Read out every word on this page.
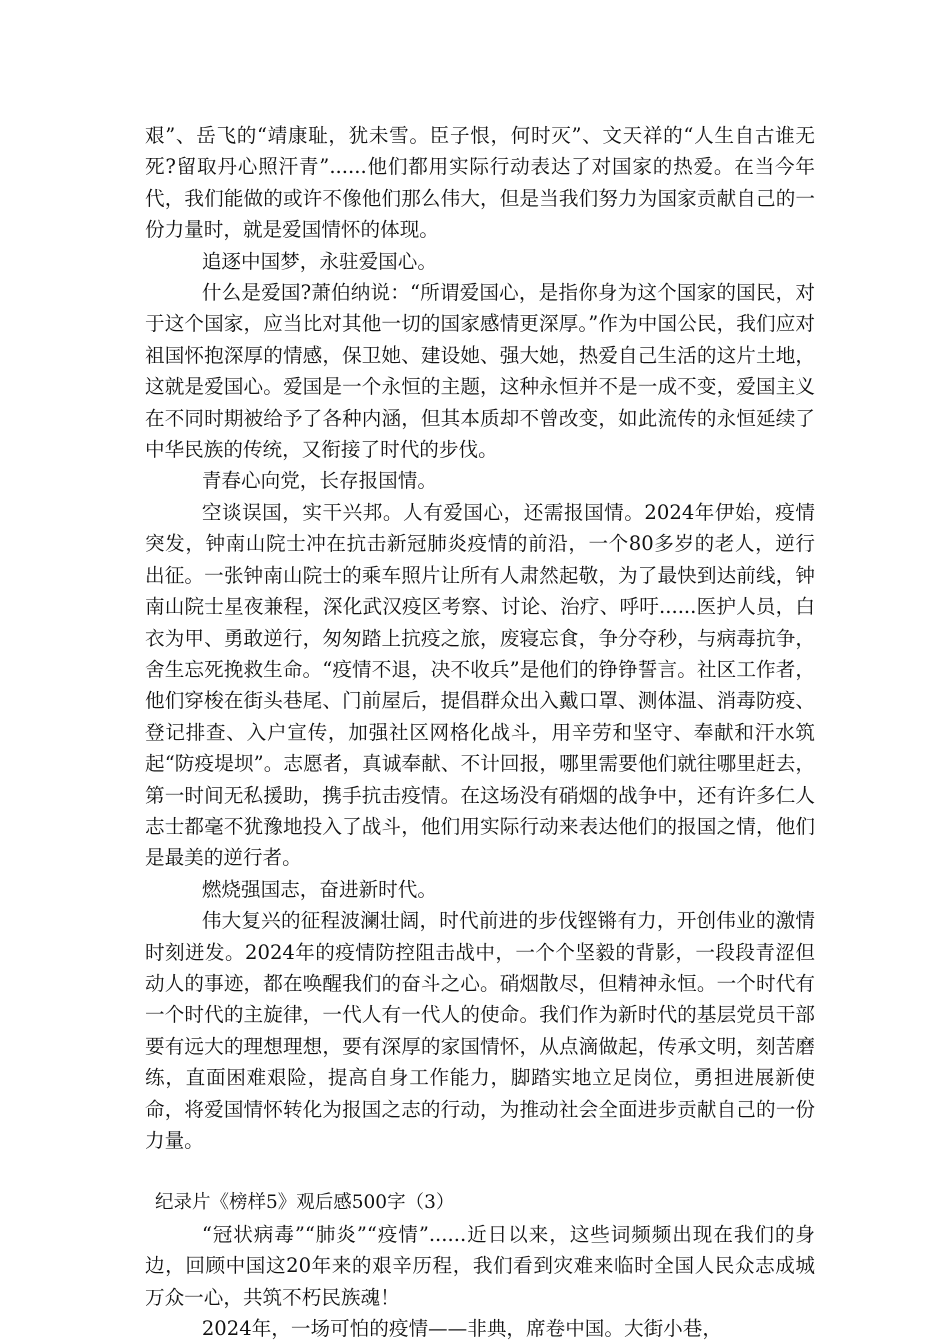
艰”、岳飞的“靖康耻，犹未雪。臣子恨，何时灭”、文天祥的“人生自古谁无死?留取丹心照汗青”......他们都用实际行动表达了对国家的热爱。在当今年代，我们能做的或许不像他们那么伟大，但是当我们努力为国家贡献自己的一份力量时，就是爱国情怀的体现。

追逐中国梦，永驻爱国心。

什么是爱国?萧伯纳说：“所谓爱国心，是指你身为这个国家的国民，对于这个国家，应当比对其他一切的国家感情更深厚。”作为中国公民，我们应对祖国怀抱深厚的情感，保卫她、建设她、强大她，热爱自己生活的这片土地，这就是爱国心。爱国是一个永恒的主题，这种永恒并不是一成不变，爱国主义在不同时期被给予了各种内涵，但其本质却不曾改变，如此流传的永恒延续了中华民族的传统，又衔接了时代的步伐。

青春心向党，长存报国情。

空谈误国，实干兴邦。人有爱国心，还需报国情。2024年伊始，疫情突发，钟南山院士冲在抗击新冠肺炎疫情的前沿，一个80多岁的老人，逆行出征。一张钟南山院士的乘车照片让所有人肃然起敬，为了最快到达前线，钟南山院士星夜兼程，深化武汉疫区考察、讨论、治疗、呼吁......医护人员，白衣为甲、勇敢逆行，匆匆踏上抗疫之旅，废寝忘食，争分夺秒，与病毒抗争，舍生忘死挽救生命。“疫情不退，决不收兵”是他们的铮铮誓言。社区工作者，他们穿梭在街头巷尾、门前屋后，提倡群众出入戴口罩、测体温、消毒防疫、登记排查、入户宣传，加强社区网格化战斗，用辛劳和坚守、奉献和汗水筑起“防疫堤坝”。志愿者，真诚奉献、不计回报，哪里需要他们就往哪里赶去，第一时间无私援助，携手抗击疫情。在这场没有硝烟的战争中，还有许多仁人志士都毫不犹豫地投入了战斗，他们用实际行动来表达他们的报国之情，他们是最美的逆行者。

燃烧强国志，奋进新时代。

伟大复兴的征程波澜壮阔，时代前进的步伐铿锵有力，开创伟业的激情时刻迸发。2024年的疫情防控阻击战中，一个个坚毅的背影，一段段青涩但动人的事迹，都在唤醒我们的奋斗之心。硝烟散尽，但精神永恒。一个时代有一个时代的主旋律，一代人有一代人的使命。我们作为新时代的基层党员干部要有远大的理想理想，要有深厚的家国情怀，从点滴做起，传承文明，刻苦磨练，直面困难艰险，提高自身工作能力，脚踏实地立足岗位，勇担进展新使命，将爱国情怀转化为报国之志的行动，为推动社会全面进步贡献自己的一份力量。

纪录片《榜样5》观后感500字（3）

“冠状病毒”“肺炎”“疫情”......近日以来，这些词频频出现在我们的身边，回顾中国这20年来的艰辛历程，我们看到灾难来临时全国人民众志成城万众一心，共筑不朽民族魂！

2024年，一场可怕的疫情——非典，席卷中国。大街小巷，
